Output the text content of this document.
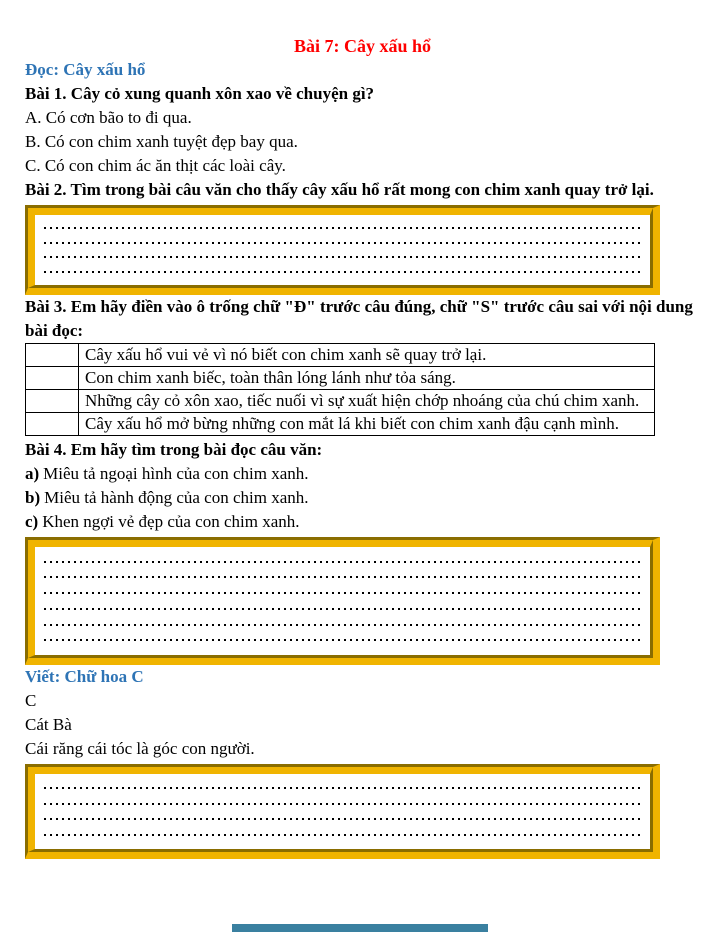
Bài 7: Cây xấu hổ

Đọc: Cây xấu hổ

Bài 1. Cây cỏ xung quanh xôn xao về chuyện gì?

A. Có cơn bão to đi qua.

B. Có con chim xanh tuyệt đẹp bay qua.

C. Có con chim ác ăn thịt các loài cây.

Bài 2. Tìm trong bài câu văn cho thấy cây xấu hổ rất mong con chim xanh quay trở lại.

Bài 3. Em hãy điền vào ô trống chữ "Đ" trước câu đúng, chữ "S" trước câu sai với nội dung bài đọc:

	Cây xấu hổ vui vẻ vì nó biết con chim xanh sẽ quay trở lại.
	Con chim xanh biếc, toàn thân lóng lánh như tỏa sáng.
	Những cây cỏ xôn xao, tiếc nuối vì sự xuất hiện chớp nhoáng của chú chim xanh.
	Cây xấu hổ mở bừng những con mắt lá khi biết con chim xanh đậu cạnh mình.

Bài 4. Em hãy tìm trong bài đọc câu văn:

a) Miêu tả ngoại hình của con chim xanh.

b) Miêu tả hành động của con chim xanh.

c) Khen ngợi vẻ đẹp của con chim xanh.

Viết: Chữ hoa C

C

Cát Bà

Cái răng cái tóc là góc con người.
